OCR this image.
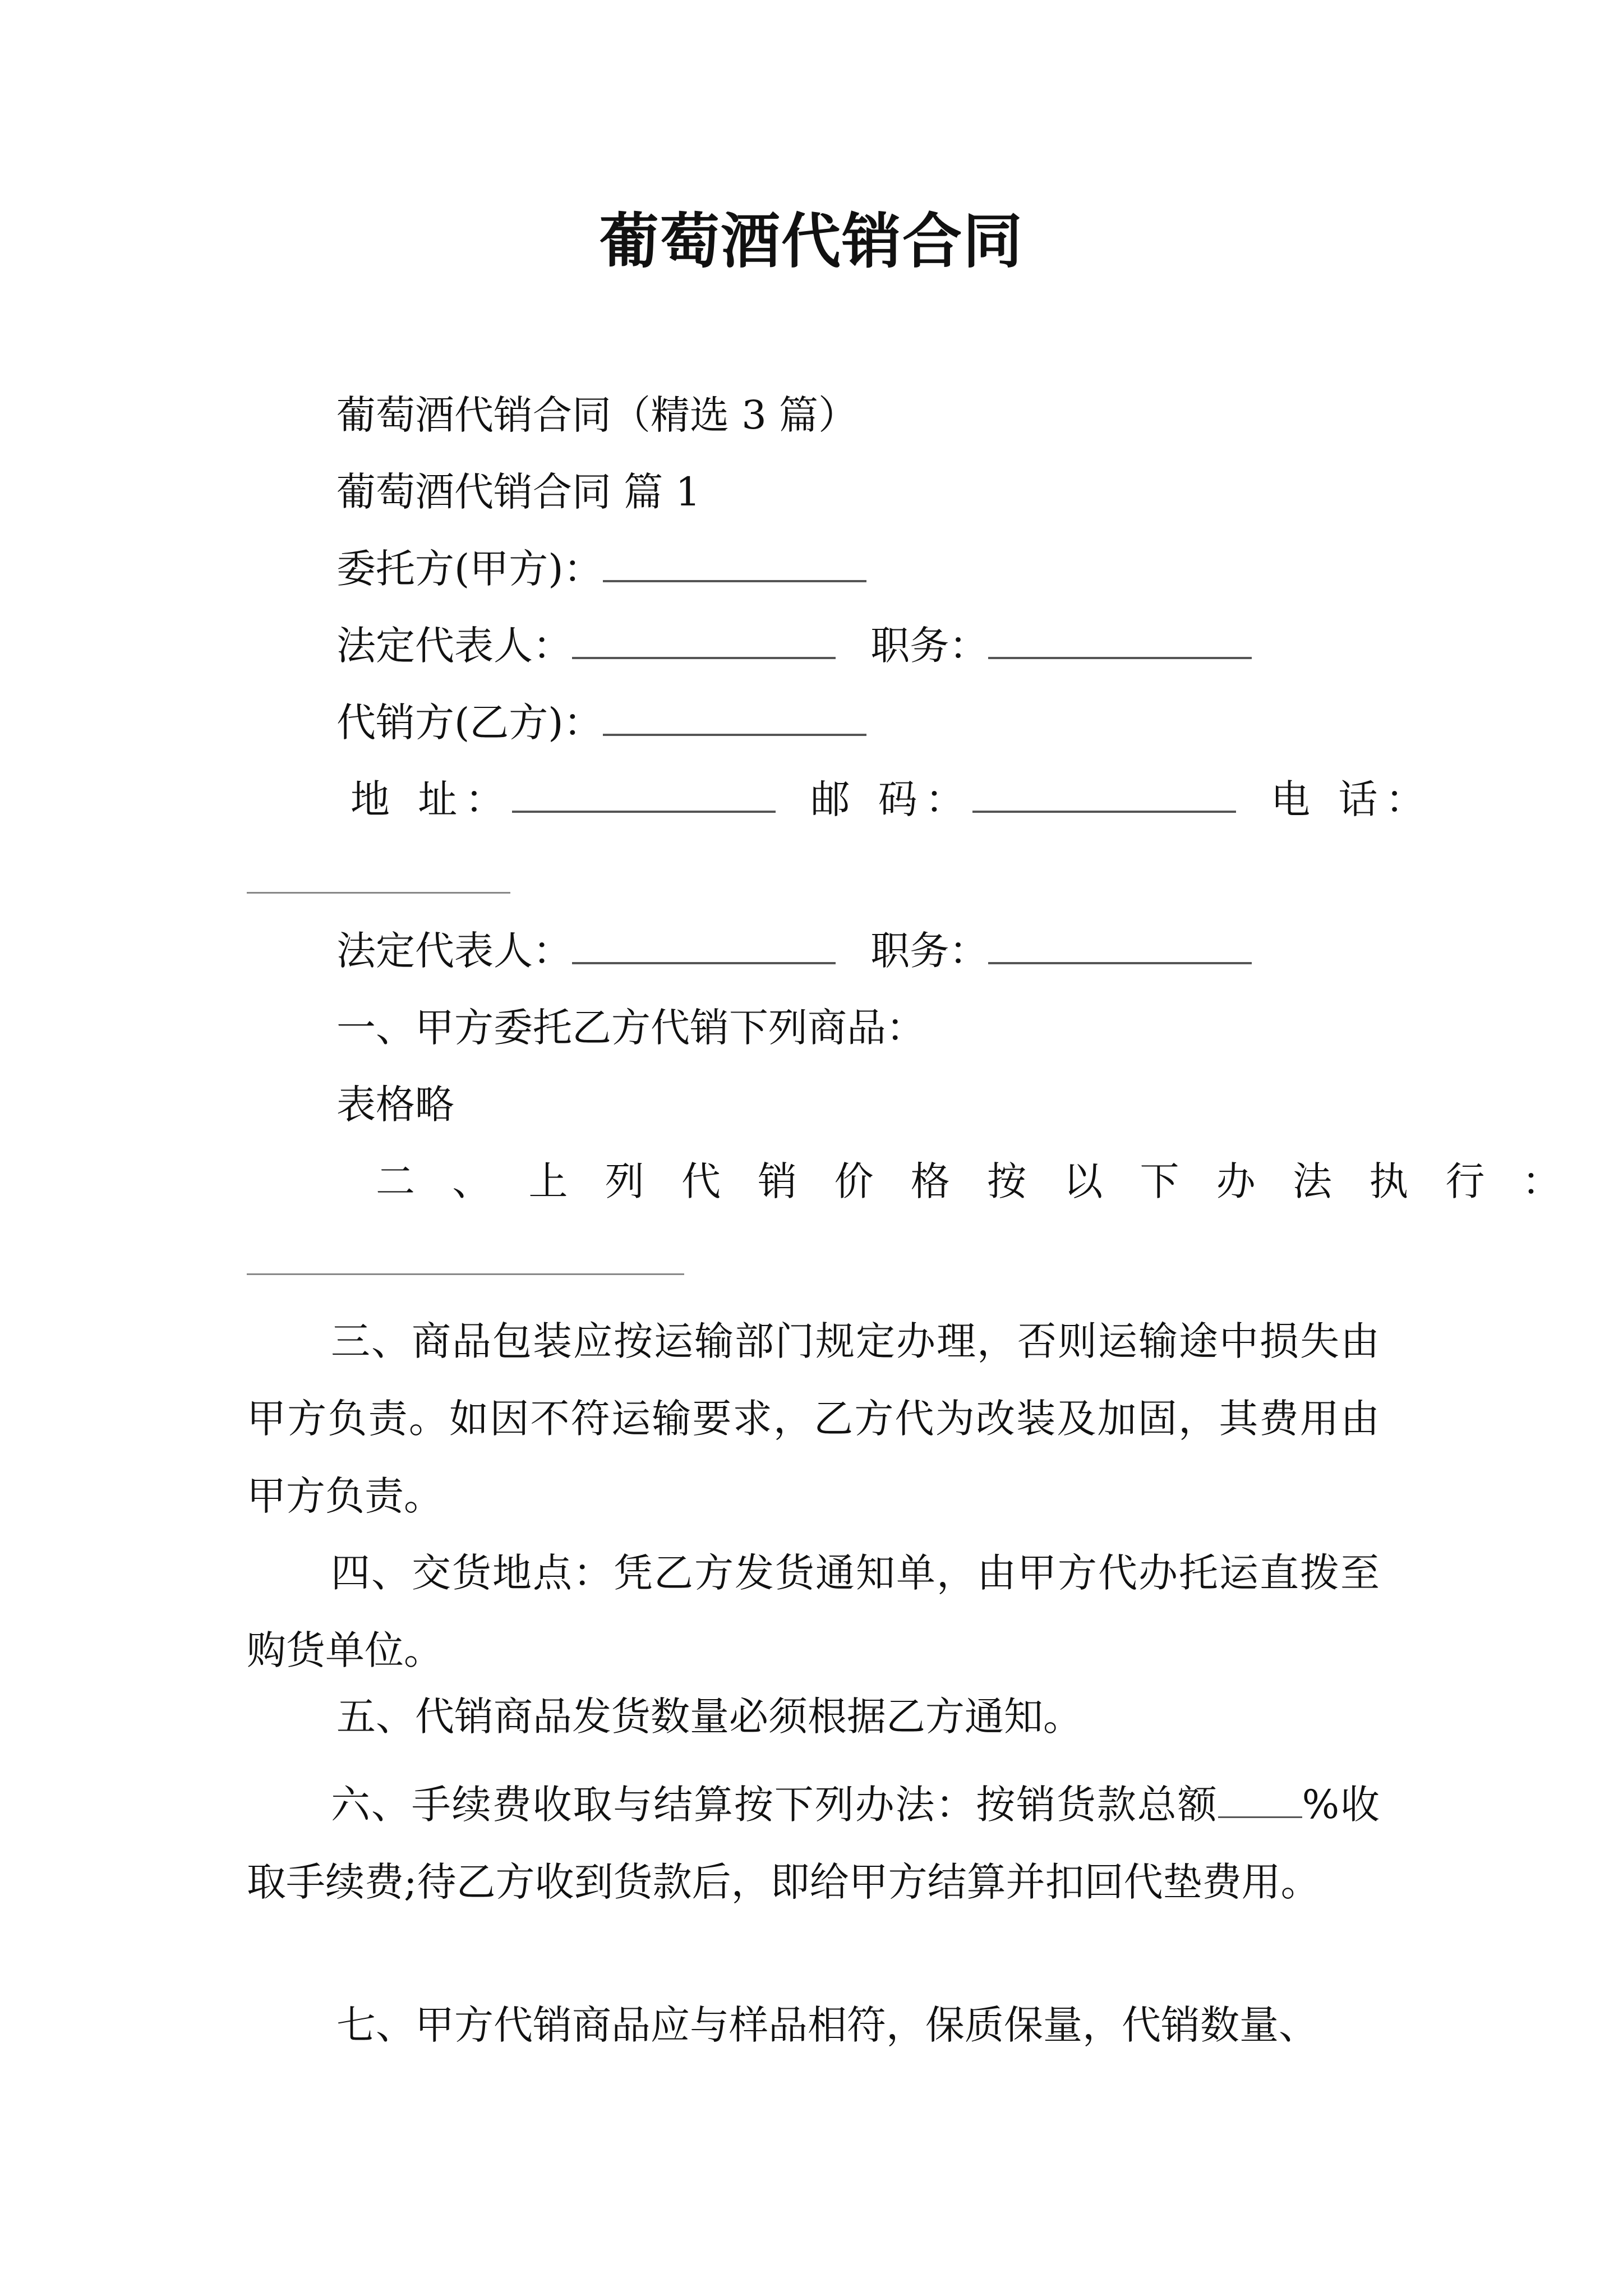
葡萄酒代销合同
葡萄酒代销合同（精选 3 篇）
葡萄酒代销合同 篇 1
委托方(甲方)：
法定代表人：	职务：
代销方(乙方)：
地 址：	邮 码：	电 话：
法定代表人：	职务：
一、甲方委托乙方代销下列商品：
表格略
二 、 上 列 代 销 价 格 按 以 下 办 法 执 行 ：
三、商品包装应按运输部门规定办理，否则运输途中损失由甲方负责。如因不符运输要求，乙方代为改装及加固，其费用由甲方负责。
四、交货地点：凭乙方发货通知单，由甲方代办托运直拨至购货单位。
五、代销商品发货数量必须根据乙方通知。
六、手续费收取与结算按下列办法：按销货款总额 %收取手续费;待乙方收到货款后，即给甲方结算并扣回代垫费用。
七、甲方代销商品应与样品相符，保质保量，代销数量、
